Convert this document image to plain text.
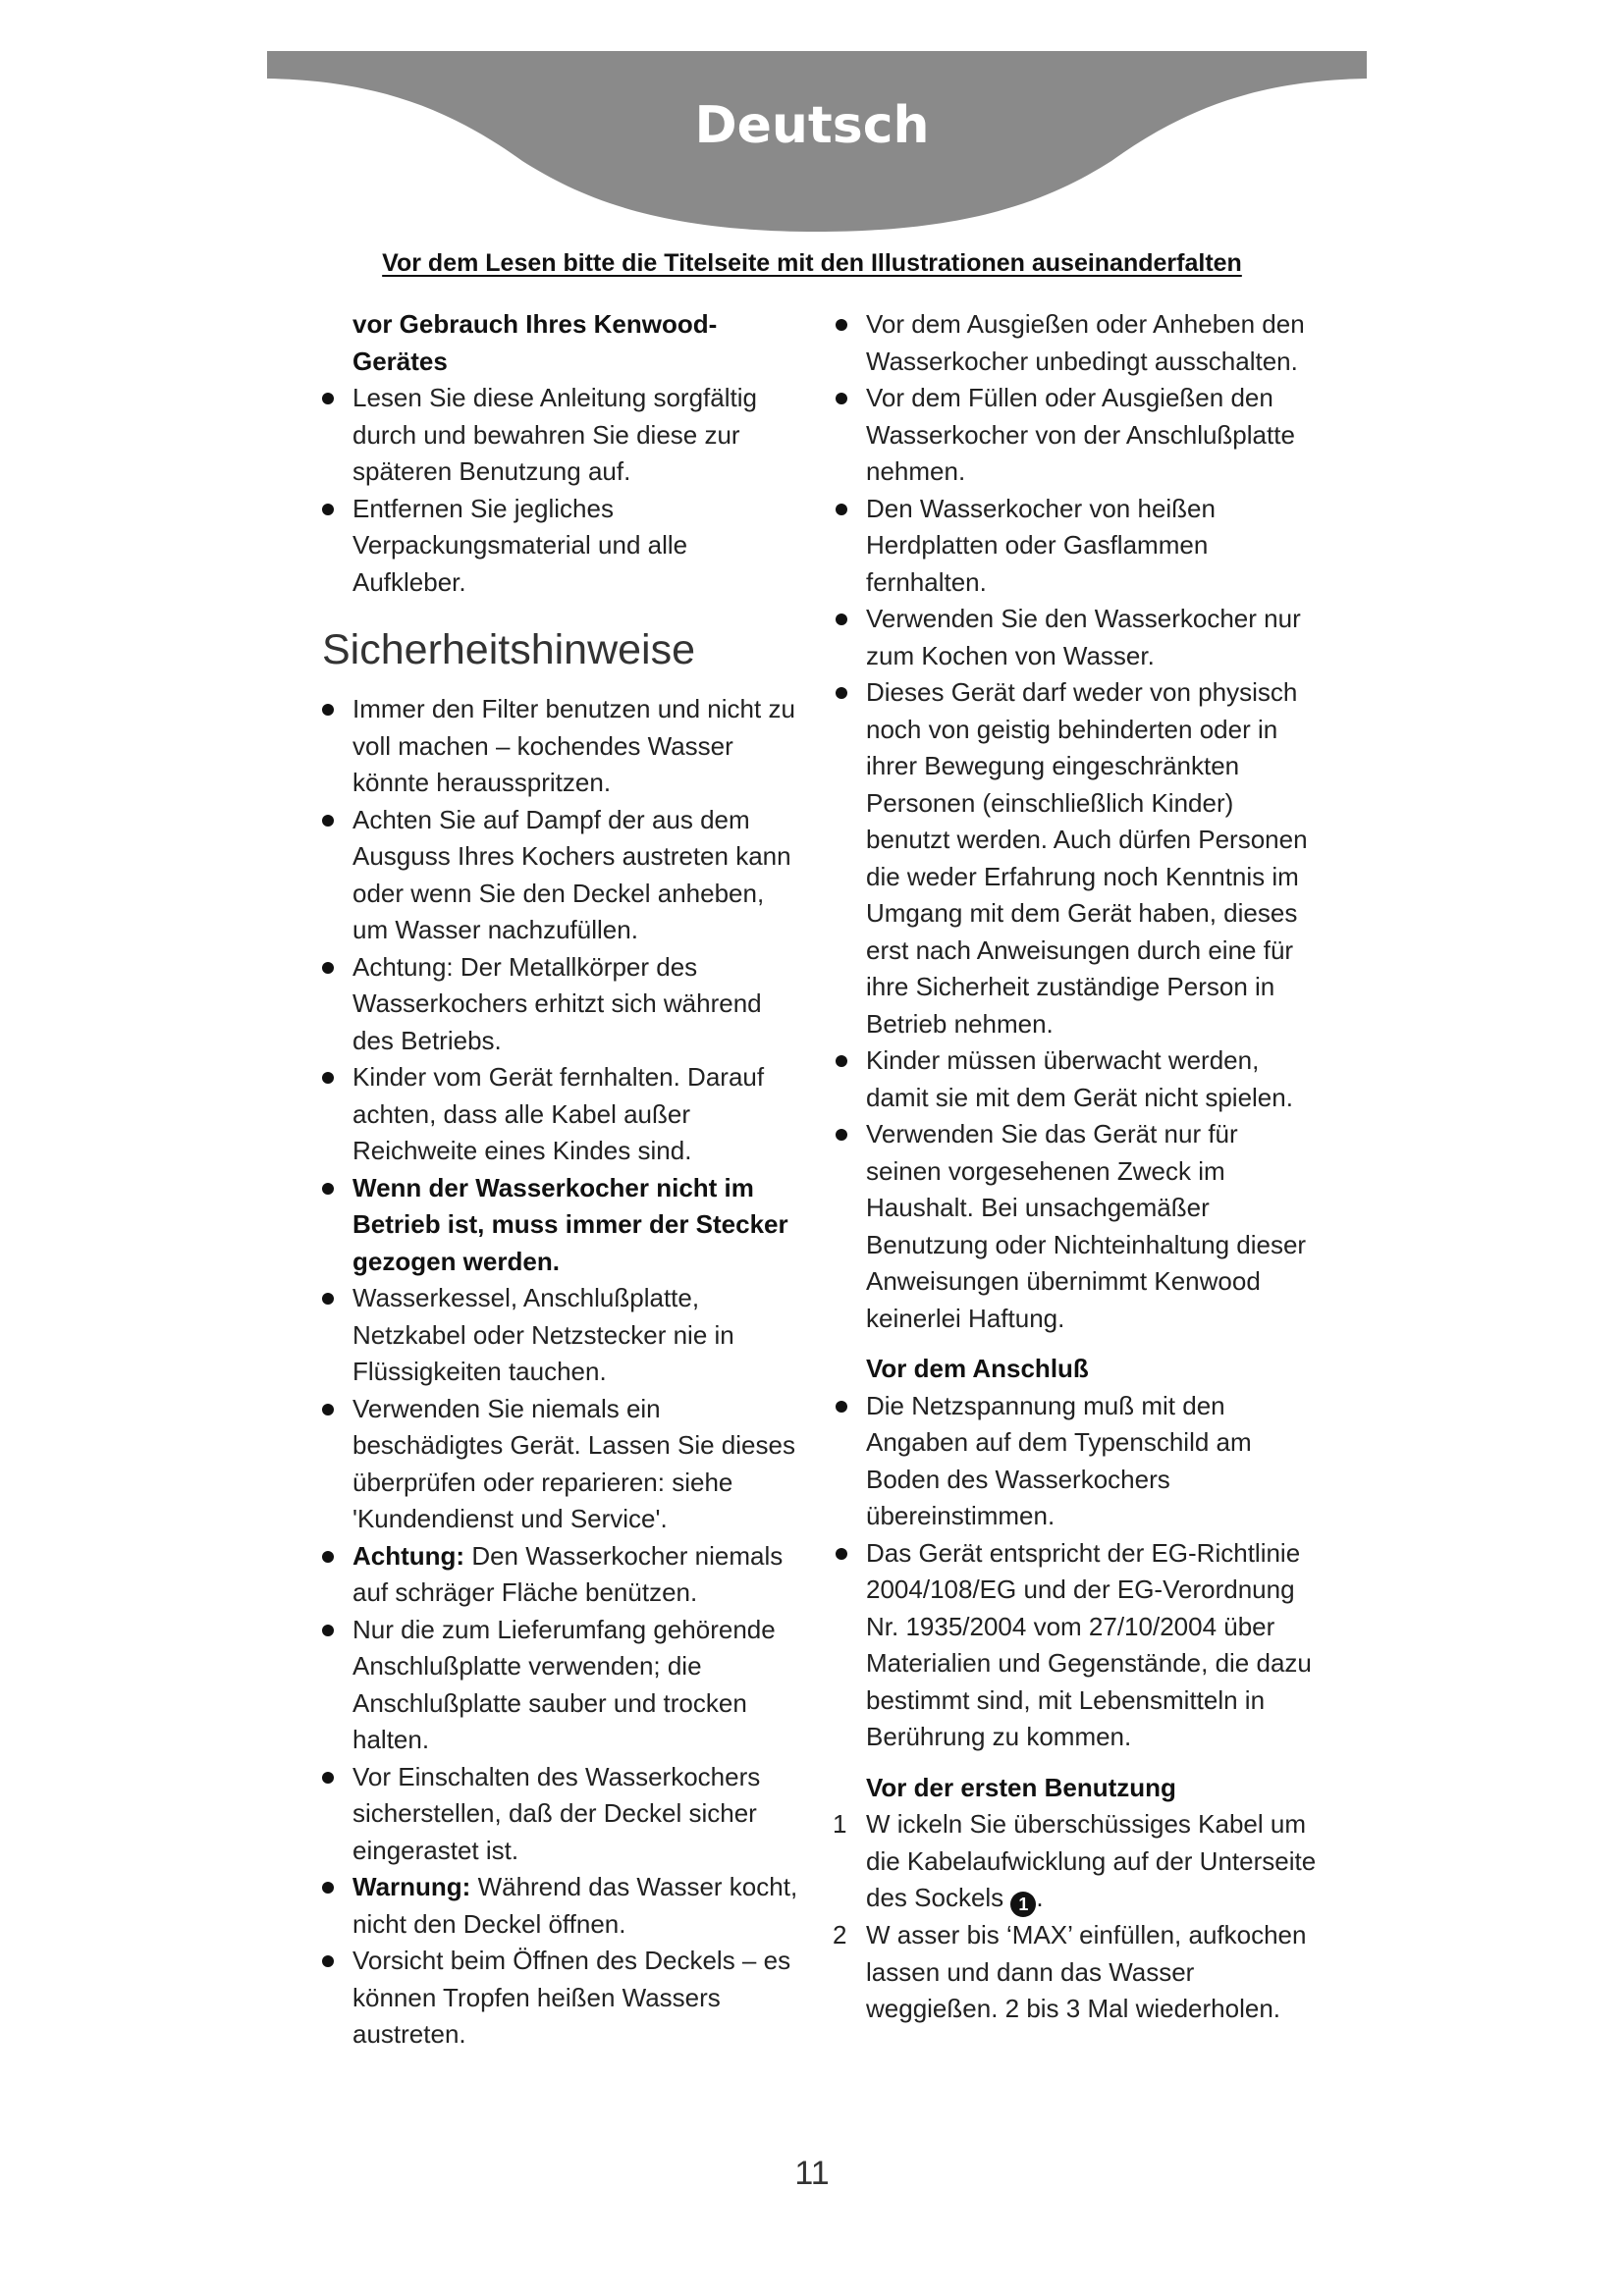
Deutsch
Vor dem Lesen bitte die Titelseite mit den Illustrationen auseinanderfalten
vor Gebrauch Ihres Kenwood-Gerätes
Lesen Sie diese Anleitung sorgfältig durch und bewahren Sie diese zur späteren Benutzung auf.
Entfernen Sie jegliches Verpackungsmaterial und alle Aufkleber.
Sicherheitshinweise
Immer den Filter benutzen und nicht zu voll machen – kochendes Wasser könnte herausspritzen.
Achten Sie auf Dampf der aus dem Ausguss Ihres Kochers austreten kann oder wenn Sie den Deckel anheben, um Wasser nachzufüllen.
Achtung: Der Metallkörper des Wasserkochers erhitzt sich während des Betriebs.
Kinder vom Gerät fernhalten. Darauf achten, dass alle Kabel außer Reichweite eines Kindes sind.
Wenn der Wasserkocher nicht im Betrieb ist, muss immer der Stecker gezogen werden.
Wasserkessel, Anschlußplatte, Netzkabel oder Netzstecker nie in Flüssigkeiten tauchen.
Verwenden Sie niemals ein beschädigtes Gerät. Lassen Sie dieses überprüfen oder reparieren: siehe 'Kundendienst und Service'.
Achtung: Den Wasserkocher niemals auf schräger Fläche benützen.
Nur die zum Lieferumfang gehörende Anschlußplatte verwenden; die Anschlußplatte sauber und trocken halten.
Vor Einschalten des Wasserkochers sicherstellen, daß der Deckel sicher eingerastet ist.
Warnung: Während das Wasser kocht, nicht den Deckel öffnen.
Vorsicht beim Öffnen des Deckels – es können Tropfen heißen Wassers austreten.
Vor dem Ausgießen oder Anheben den Wasserkocher unbedingt ausschalten.
Vor dem Füllen oder Ausgießen den Wasserkocher von der Anschlußplatte nehmen.
Den Wasserkocher von heißen Herdplatten oder Gasflammen fernhalten.
Verwenden Sie den Wasserkocher nur zum Kochen von Wasser.
Dieses Gerät darf weder von physisch noch von geistig behinderten oder in ihrer Bewegung eingeschränkten Personen (einschließlich Kinder) benutzt werden. Auch dürfen Personen die weder Erfahrung noch Kenntnis im Umgang mit dem Gerät haben, dieses erst nach Anweisungen durch eine für ihre Sicherheit zuständige Person in Betrieb nehmen.
Kinder müssen überwacht werden, damit sie mit dem Gerät nicht spielen.
Verwenden Sie das Gerät nur für seinen vorgesehenen Zweck im Haushalt. Bei unsachgemäßer Benutzung oder Nichteinhaltung dieser Anweisungen übernimmt Kenwood keinerlei Haftung.
Vor dem Anschluß
Die Netzspannung muß mit den Angaben auf dem Typenschild am Boden des Wasserkochers übereinstimmen.
Das Gerät entspricht der EG-Richtlinie 2004/108/EG und der EG-Verordnung Nr. 1935/2004 vom 27/10/2004 über Materialien und Gegenstände, die dazu bestimmt sind, mit Lebensmitteln in Berührung zu kommen.
Vor der ersten Benutzung
1 W ickeln Sie überschüssiges Kabel um die Kabelaufwicklung auf der Unterseite des Sockels 1 .
2 W asser bis ‘MAX’ einfüllen, aufkochen lassen und dann das Wasser weggießen. 2 bis 3 Mal wiederholen.
11
